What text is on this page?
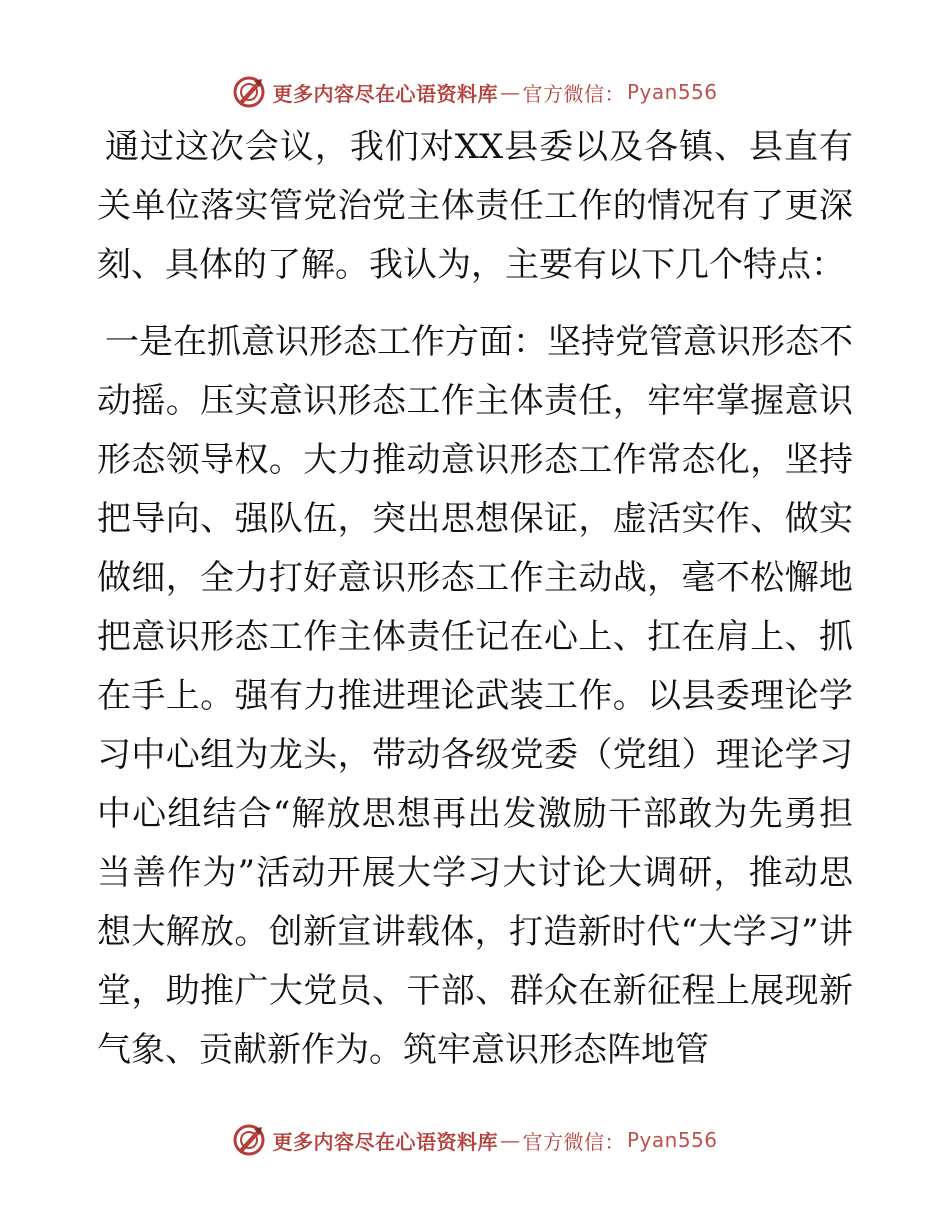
更多内容尽在心语资料库 — 官方微信： Pyan556

通过这次会议，我们对XX县委以及各镇、县直有关单位落实管党治党主体责任工作的情况有了更深刻、具体的了解。我认为，主要有以下几个特点：

一是在抓意识形态工作方面：坚持党管意识形态不动摇。压实意识形态工作主体责任，牢牢掌握意识形态领导权。大力推动意识形态工作常态化，坚持把导向、强队伍，突出思想保证，虚活实作、做实做细，全力打好意识形态工作主动战，毫不松懈地把意识形态工作主体责任记在心上、扛在肩上、抓在手上。强有力推进理论武装工作。以县委理论学习中心组为龙头，带动各级党委（党组）理论学习中心组结合“解放思想再出发激励干部敢为先勇担当善作为”活动开展大学习大讨论大调研，推动思想大解放。创新宣讲载体，打造新时代“大学习”讲堂，助推广大党员、干部、群众在新征程上展现新气象、贡献新作为。筑牢意识形态阵地管

更多内容尽在心语资料库 — 官方微信： Pyan556
